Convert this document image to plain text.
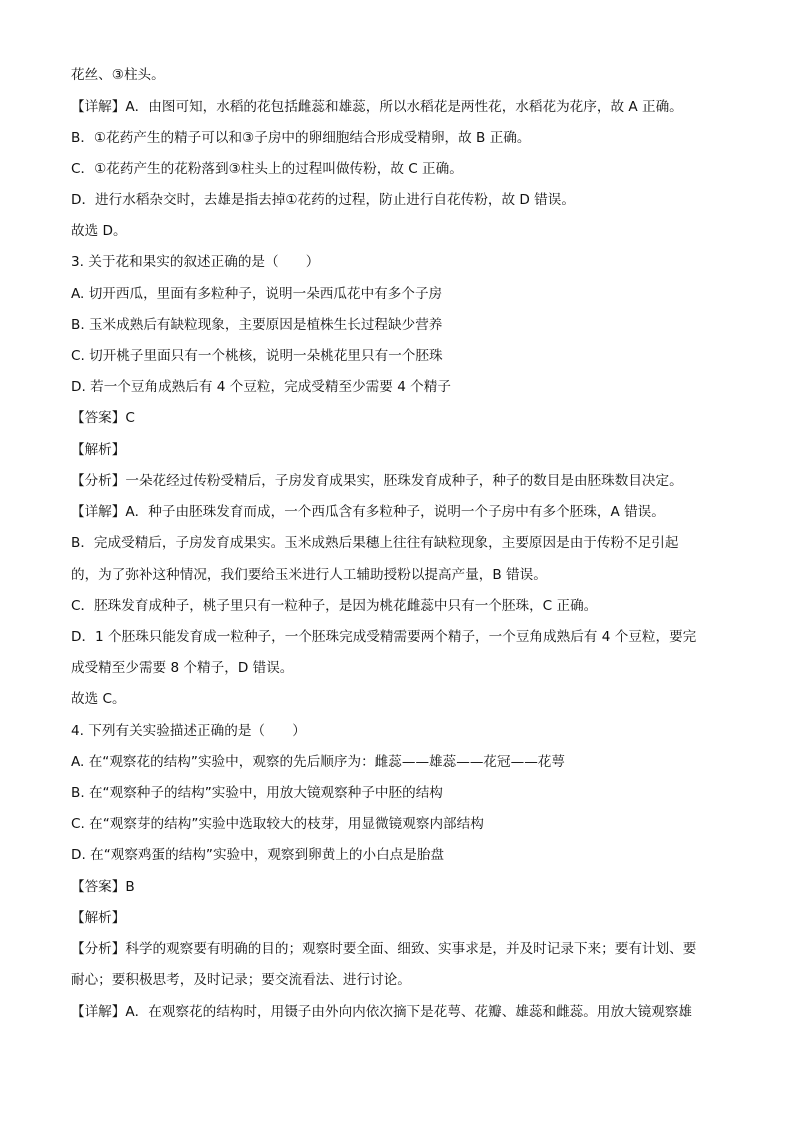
花丝、③柱头。
【详解】A．由图可知，水稻的花包括雌蕊和雄蕊，所以水稻花是两性花，水稻花为花序，故 A 正确。
B．①花药产生的精子可以和③子房中的卵细胞结合形成受精卵，故 B 正确。
C．①花药产生的花粉落到③柱头上的过程叫做传粉，故 C 正确。
D．进行水稻杂交时，去雄是指去掉①花药的过程，防止进行自花传粉，故 D 错误。
故选 D。
3. 关于花和果实的叙述正确的是（　　）
A. 切开西瓜，里面有多粒种子，说明一朵西瓜花中有多个子房
B. 玉米成熟后有缺粒现象，主要原因是植株生长过程缺少营养
C. 切开桃子里面只有一个桃核，说明一朵桃花里只有一个胚珠
D. 若一个豆角成熟后有 4 个豆粒，完成受精至少需要 4 个精子
【答案】C
【解析】
【分析】一朵花经过传粉受精后，子房发育成果实，胚珠发育成种子，种子的数目是由胚珠数目决定。
【详解】A．种子由胚珠发育而成，一个西瓜含有多粒种子，说明一个子房中有多个胚珠，A 错误。
B．完成受精后，子房发育成果实。玉米成熟后果穗上往往有缺粒现象，主要原因是由于传粉不足引起
的，为了弥补这种情况，我们要给玉米进行人工辅助授粉以提高产量，B 错误。
C．胚珠发育成种子，桃子里只有一粒种子，是因为桃花雌蕊中只有一个胚珠，C 正确。
D．1 个胚珠只能发育成一粒种子，一个胚珠完成受精需要两个精子，一个豆角成熟后有 4 个豆粒，要完
成受精至少需要 8 个精子，D 错误。
故选 C。
4. 下列有关实验描述正确的是（　　）
A. 在“观察花的结构”实验中，观察的先后顺序为：雌蕊——雄蕊——花冠——花萼
B. 在“观察种子的结构”实验中，用放大镜观察种子中胚的结构
C. 在“观察芽的结构”实验中选取较大的枝芽，用显微镜观察内部结构
D. 在“观察鸡蛋的结构”实验中，观察到卵黄上的小白点是胎盘
【答案】B
【解析】
【分析】科学的观察要有明确的目的；观察时要全面、细致、实事求是，并及时记录下来；要有计划、要
耐心；要积极思考，及时记录；要交流看法、进行讨论。
【详解】A．在观察花的结构时，用镊子由外向内依次摘下是花萼、花瓣、雄蕊和雌蕊。用放大镜观察雄
